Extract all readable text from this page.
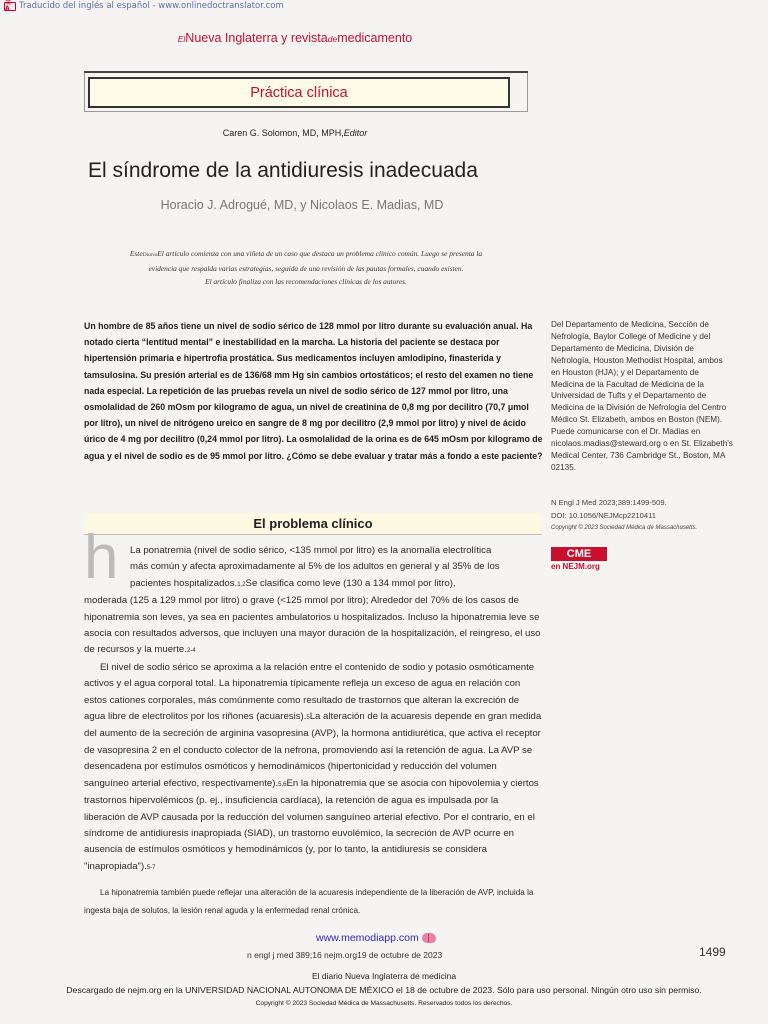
文A	Traducido del inglés al español - www.onlinedoctranslator.com
ElNueva Inglaterra y revistademedicamento
Práctica clínica
Caren G. Solomon, MD, MPH,Editor
El síndrome de la antidiuresis inadecuada
Horacio J. Adrogué, MD, y Nicolaos E. Madias, MD
EsteDiarioEl artículo comienza con una viñeta de un caso que destaca un problema clínico común. Luego se presenta la
evidencia que respalda varias estrategias, seguida de una revisión de las pautas formales, cuando existen.
El artículo finaliza con las recomendaciones clínicas de los autores.

Un hombre de 85 años tiene un nivel de sodio sérico de 128 mmol por litro durante su evaluación anual. Ha notado cierta “lentitud mental” e inestabilidad en la marcha. La historia del paciente se destaca por hipertensión primaria e hipertrofia prostática. Sus medicamentos incluyen amlodipino, finasterida y tamsulosina. Su presión arterial es de 136/68 mm Hg sin cambios ortostáticos; el resto del examen no tiene nada especial. La repetición de las pruebas revela un nivel de sodio sérico de 127 mmol por litro, una osmolalidad de 260 mOsm por kilogramo de agua, un nivel de creatinina de 0,8 mg por decilitro (70,7 μmol por litro), un nivel de nitrógeno ureico en sangre de 8 mg por decilitro (2,9 mmol por litro) y nivel de ácido úrico de 4 mg por decilitro (0,24 mmol por litro). La osmolalidad de la orina es de 645 mOsm por kilogramo de agua y el nivel de sodio es de 95 mmol por litro. ¿Cómo se debe evaluar y tratar más a fondo a este paciente?

Del Departamento de Medicina, Sección de Nefrología, Baylor College of Medicine y del Departamento de Medicina, División de Nefrología, Houston Methodist Hospital, ambos en Houston (HJA); y el Departamento de Medicina de la Facultad de Medicina de la Universidad de Tufts y el Departamento de Medicina de la División de Nefrología del Centro Médico St. Elizabeth, ambos en Boston (NEM). Puede comunicarse con el Dr. Madias en nicolaos.madias@steward.org o en St. Elizabeth's Medical Center, 736 Cambridge St., Boston, MA 02135.
N Engl J Med 2023;389:1499-509.
DOI: 10.1056/NEJMcp2210411
Copyright © 2023 Sociedad Médica de Massachusetts.
CME
en NEJM.org
El problema clínico
h	La ponatremia (nivel de sodio sérico, <135 mmol por litro) es la anomalía electrolítica
más común y afecta aproximadamente al 5% de los adultos en general y al 35% de los
pacientes hospitalizados.1,2Se clasifica como leve (130 a 134 mmol por litro),
moderada (125 a 129 mmol por litro) o grave (<125 mmol por litro); Alrededor del 70% de los casos de hiponatremia son leves, ya sea en pacientes ambulatorios u hospitalizados. Incluso la hiponatremia leve se asocia con resultados adversos, que incluyen una mayor duración de la hospitalización, el reingreso, el uso de recursos y la muerte.2-4

El nivel de sodio sérico se aproxima a la relación entre el contenido de sodio y potasio osmóticamente activos y el agua corporal total. La hiponatremia típicamente refleja un exceso de agua en relación con estos cationes corporales, más comúnmente como resultado de trastornos que alteran la excreción de agua libre de electrolitos por los riñones (acuaresis).5La alteración de la acuaresis depende en gran medida del aumento de la secreción de arginina vasopresina (AVP), la hormona antidiurética, que activa el receptor de vasopresina 2 en el conducto colector de la nefrona, promoviendo así la retención de agua. La AVP se desencadena por estímulos osmóticos y hemodinámicos (hipertonicidad y reducción del volumen sanguíneo arterial efectivo, respectivamente).5,6En la hiponatremia que se asocia con hipovolemia y ciertos trastornos hipervolémicos (p. ej., insuficiencia cardíaca), la retención de agua es impulsada por la liberación de AVP causada por la reducción del volumen sanguíneo arterial efectivo. Por el contrario, en el síndrome de antidiuresis inapropiada (SIAD), un trastorno euvolémico, la secreción de AVP ocurre en ausencia de estímulos osmóticos y hemodinámicos (y, por lo tanto, la antidiuresis se considera "inapropiada").5-7

La hiponatremia también puede reflejar una alteración de la acuaresis independiente de la liberación de AVP, incluida la ingesta baja de solutos, la lesión renal aguda y la enfermedad renal crónica.

www.memodiapp.com
n engl j med 389;16 nejm.org19 de octubre de 2023	1499
El diario Nueva Inglaterra de medicina
Descargado de nejm.org en la UNIVERSIDAD NACIONAL AUTONOMA DE MÉXICO el 18 de octubre de 2023. Sólo para uso personal. Ningún otro uso sin permiso.
Copyright © 2023 Sociedad Médica de Massachusetts. Reservados todos los derechos.
